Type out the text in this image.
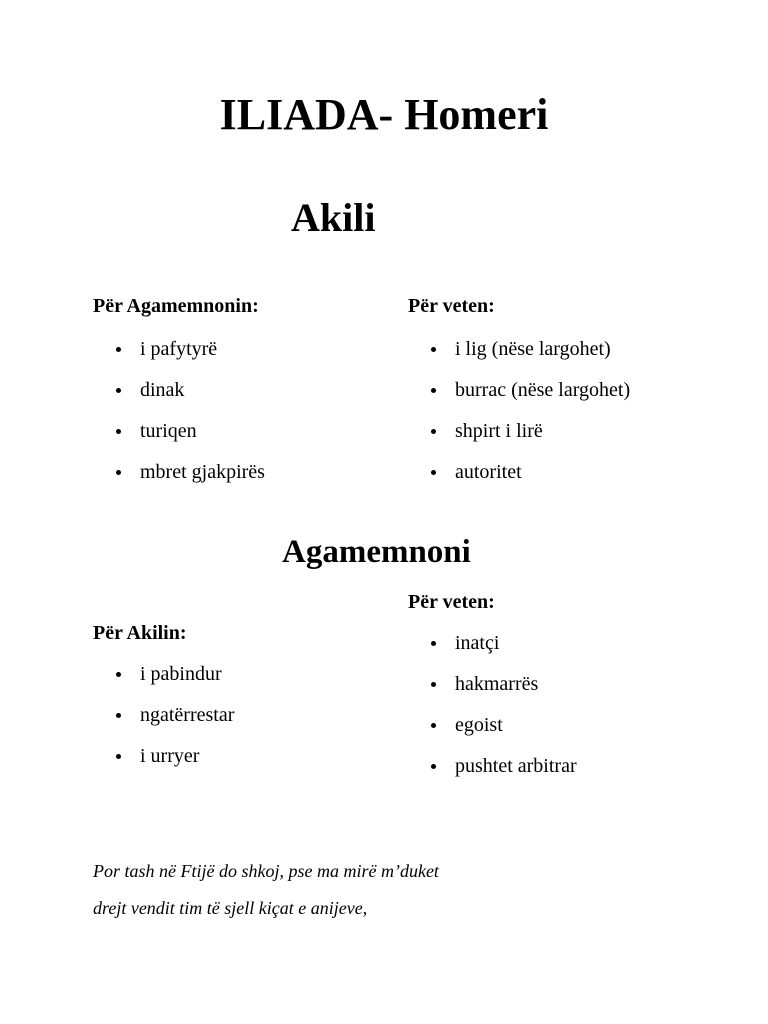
ILIADA- Homeri
Akili

Për Agamemnonin:

i pafytyrë
dinak
turiqen
mbret gjakpirës

Për veten:

i lig (nëse largohet)
burrac (nëse largohet)
shpirt i lirë
autoritet
Agamemnoni

Për Akilin:

i pabindur
ngatërrestar
i urryer

Për veten:

inatçi
hakmarrës
egoist
pushtet arbitrar

Por tash në Ftijë do shkoj, pse ma mirë m’duket

drejt vendit tim të sjell kiçat e anijeve,
